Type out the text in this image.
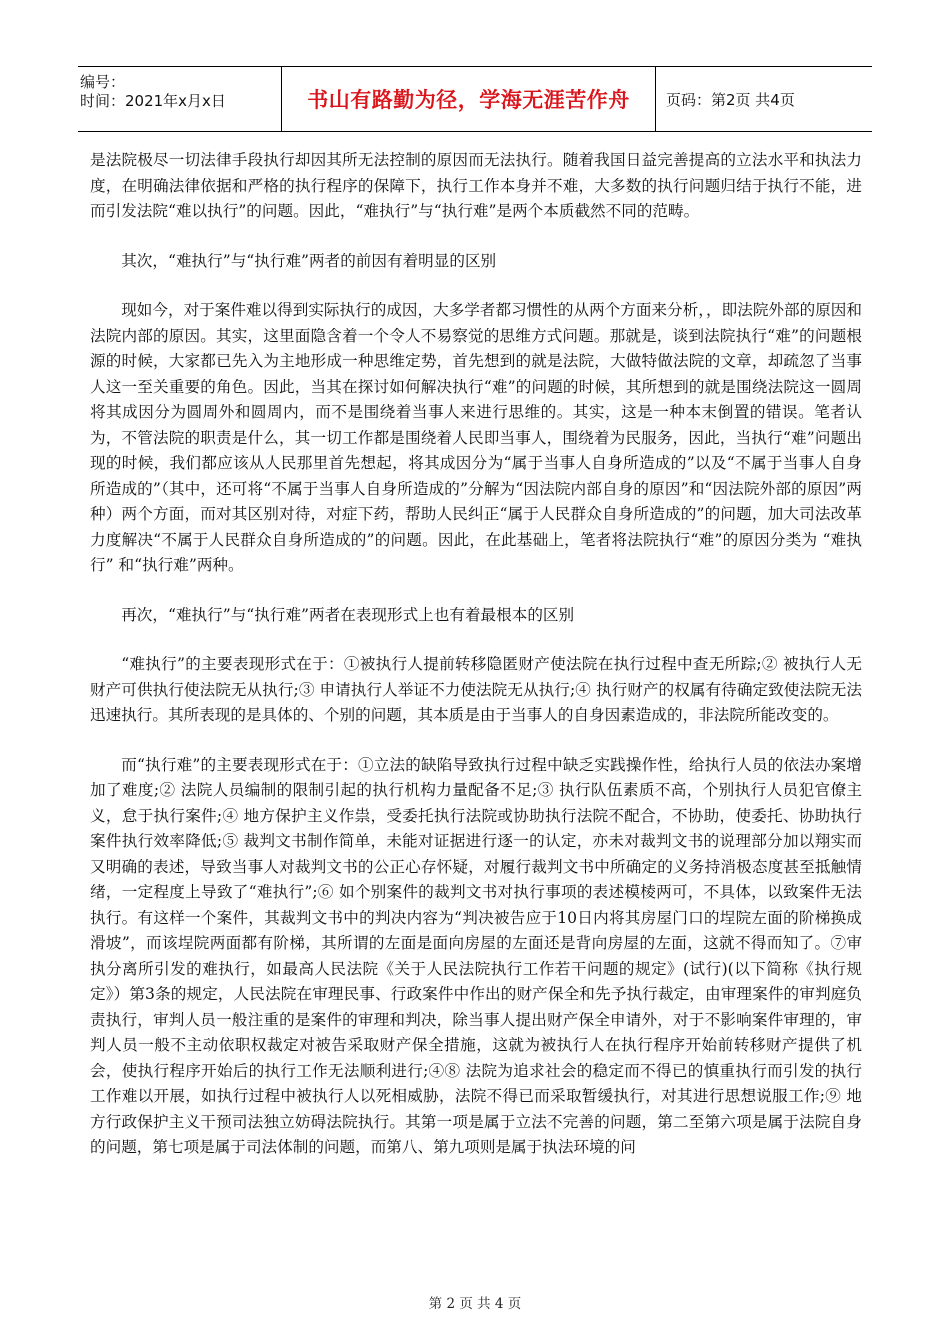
编号：
时间：2021年x月x日	书山有路勤为径，学海无涯苦作舟	页码：第2页 共4页

是法院极尽一切法律手段执行却因其所无法控制的原因而无法执行。随着我国日益完善提高的立法水平和执法力度，在明确法律依据和严格的执行程序的保障下，执行工作本身并不难，大多数的执行问题归结于执行不能，进而引发法院“难以执行”的问题。因此，“难执行”与“执行难”是两个本质截然不同的范畴。

其次，“难执行”与“执行难”两者的前因有着明显的区别

现如今，对于案件难以得到实际执行的成因，大多学者都习惯性的从两个方面来分析，，即法院外部的原因和法院内部的原因。其实，这里面隐含着一个令人不易察觉的思维方式问题。那就是，谈到法院执行“难”的问题根源的时候，大家都已先入为主地形成一种思维定势，首先想到的就是法院，大做特做法院的文章，却疏忽了当事人这一至关重要的角色。因此，当其在探讨如何解决执行“难”的问题的时候，其所想到的就是围绕法院这一圆周将其成因分为圆周外和圆周内，而不是围绕着当事人来进行思维的。其实，这是一种本末倒置的错误。笔者认为，不管法院的职责是什么，其一切工作都是围绕着人民即当事人，围绕着为民服务，因此，当执行“难”问题出现的时候，我们都应该从人民那里首先想起，将其成因分为“属于当事人自身所造成的”以及“不属于当事人自身所造成的”（其中，还可将“不属于当事人自身所造成的”分解为“因法院内部自身的原因”和“因法院外部的原因”两种）两个方面，而对其区别对待，对症下药，帮助人民纠正“属于人民群众自身所造成的”的问题，加大司法改革力度解决“不属于人民群众自身所造成的”的问题。因此，在此基础上，笔者将法院执行“难”的原因分类为 “难执行” 和“执行难”两种。

再次，“难执行”与“执行难”两者在表现形式上也有着最根本的区别

“难执行”的主要表现形式在于：①被执行人提前转移隐匿财产使法院在执行过程中查无所踪;② 被执行人无财产可供执行使法院无从执行;③ 申请执行人举证不力使法院无从执行;④ 执行财产的权属有待确定致使法院无法迅速执行。其所表现的是具体的、个别的问题，其本质是由于当事人的自身因素造成的，非法院所能改变的。

而“执行难”的主要表现形式在于：①立法的缺陷导致执行过程中缺乏实践操作性，给执行人员的依法办案增加了难度;② 法院人员编制的限制引起的执行机构力量配备不足;③ 执行队伍素质不高，个别执行人员犯官僚主义，怠于执行案件;④ 地方保护主义作祟，受委托执行法院或协助执行法院不配合，不协助，使委托、协助执行案件执行效率降低;⑤ 裁判文书制作简单，未能对证据进行逐一的认定，亦未对裁判文书的说理部分加以翔实而又明确的表述，导致当事人对裁判文书的公正心存怀疑，对履行裁判文书中所确定的义务持消极态度甚至抵触情绪，一定程度上导致了“难执行”;⑥ 如个别案件的裁判文书对执行事项的表述模棱两可，不具体，以致案件无法执行。有这样一个案件，其裁判文书中的判决内容为“判决被告应于10日内将其房屋门口的埕院左面的阶梯换成滑坡”，而该埕院两面都有阶梯，其所谓的左面是面向房屋的左面还是背向房屋的左面，这就不得而知了。⑦审执分离所引发的难执行，如最高人民法院《关于人民法院执行工作若干问题的规定》(试行)(以下简称《执行规定》）第3条的规定，人民法院在审理民事、行政案件中作出的财产保全和先予执行裁定，由审理案件的审判庭负责执行，审判人员一般注重的是案件的审理和判决，除当事人提出财产保全申请外，对于不影响案件审理的，审判人员一般不主动依职权裁定对被告采取财产保全措施，这就为被执行人在执行程序开始前转移财产提供了机会，使执行程序开始后的执行工作无法顺利进行;④⑧ 法院为追求社会的稳定而不得已的慎重执行而引发的执行工作难以开展，如执行过程中被执行人以死相威胁，法院不得已而采取暂缓执行，对其进行思想说服工作;⑨ 地方行政保护主义干预司法独立妨碍法院执行。其第一项是属于立法不完善的问题，第二至第六项是属于法院自身的问题，第七项是属于司法体制的问题，而第八、第九项则是属于执法环境的问

第 2 页 共 4 页
